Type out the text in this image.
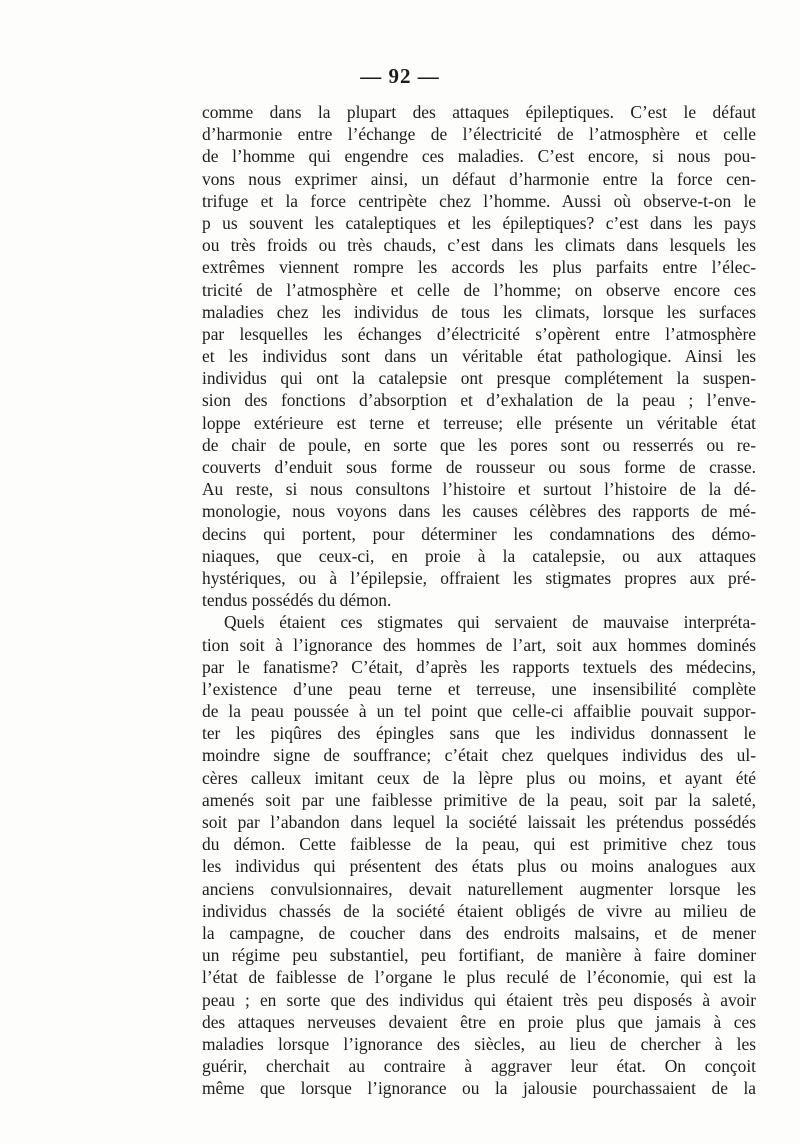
— 92 —
comme dans la plupart des attaques épileptiques. C’est le défaut
d’harmonie entre l’échange de l’électricité de l’atmosphère et celle
de l’homme qui engendre ces maladies. C’est encore, si nous pou-
vons nous exprimer ainsi, un défaut d’harmonie entre la force cen-
trifuge et la force centripète chez l’homme. Aussi où observe-t-on le
p us souvent les cataleptiques et les épileptiques? c’est dans les pays
ou très froids ou très chauds, c’est dans les climats dans lesquels les
extrêmes viennent rompre les accords les plus parfaits entre l’élec-
tricité de l’atmosphère et celle de l’homme; on observe encore ces
maladies chez les individus de tous les climats, lorsque les surfaces
par lesquelles les échanges d’électricité s’opèrent entre l’atmosphère
et les individus sont dans un véritable état pathologique. Ainsi les
individus qui ont la catalepsie ont presque complétement la suspen-
sion des fonctions d’absorption et d’exhalation de la peau ; l’enve-
loppe extérieure est terne et terreuse; elle présente un véritable état
de chair de poule, en sorte que les pores sont ou resserrés ou re-
couverts d’enduit sous forme de rousseur ou sous forme de crasse.
Au reste, si nous consultons l’histoire et surtout l’histoire de la dé-
monologie, nous voyons dans les causes célèbres des rapports de mé-
decins qui portent, pour déterminer les condamnations des démo-
niaques, que ceux-ci, en proie à la catalepsie, ou aux attaques
hystériques, ou à l’épilepsie, offraient les stigmates propres aux pré-
tendus possédés du démon.
Quels étaient ces stigmates qui servaient de mauvaise interpréta-
tion soit à l’ignorance des hommes de l’art, soit aux hommes dominés
par le fanatisme? C’était, d’après les rapports textuels des médecins,
l’existence d’une peau terne et terreuse, une insensibilité complète
de la peau poussée à un tel point que celle-ci affaiblie pouvait suppor-
ter les piqûres des épingles sans que les individus donnassent le
moindre signe de souffrance; c’était chez quelques individus des ul-
cères calleux imitant ceux de la lèpre plus ou moins, et ayant été
amenés soit par une faiblesse primitive de la peau, soit par la saleté,
soit par l’abandon dans lequel la société laissait les prétendus possédés
du démon. Cette faiblesse de la peau, qui est primitive chez tous
les individus qui présentent des états plus ou moins analogues aux
anciens convulsionnaires, devait naturellement augmenter lorsque les
individus chassés de la société étaient obligés de vivre au milieu de
la campagne, de coucher dans des endroits malsains, et de mener
un régime peu substantiel, peu fortifiant, de manière à faire dominer
l’état de faiblesse de l’organe le plus reculé de l’économie, qui est la
peau ; en sorte que des individus qui étaient très peu disposés à avoir
des attaques nerveuses devaient être en proie plus que jamais à ces
maladies lorsque l’ignorance des siècles, au lieu de chercher à les
guérir, cherchait au contraire à aggraver leur état. On conçoit
même que lorsque l’ignorance ou la jalousie pourchassaient de la
